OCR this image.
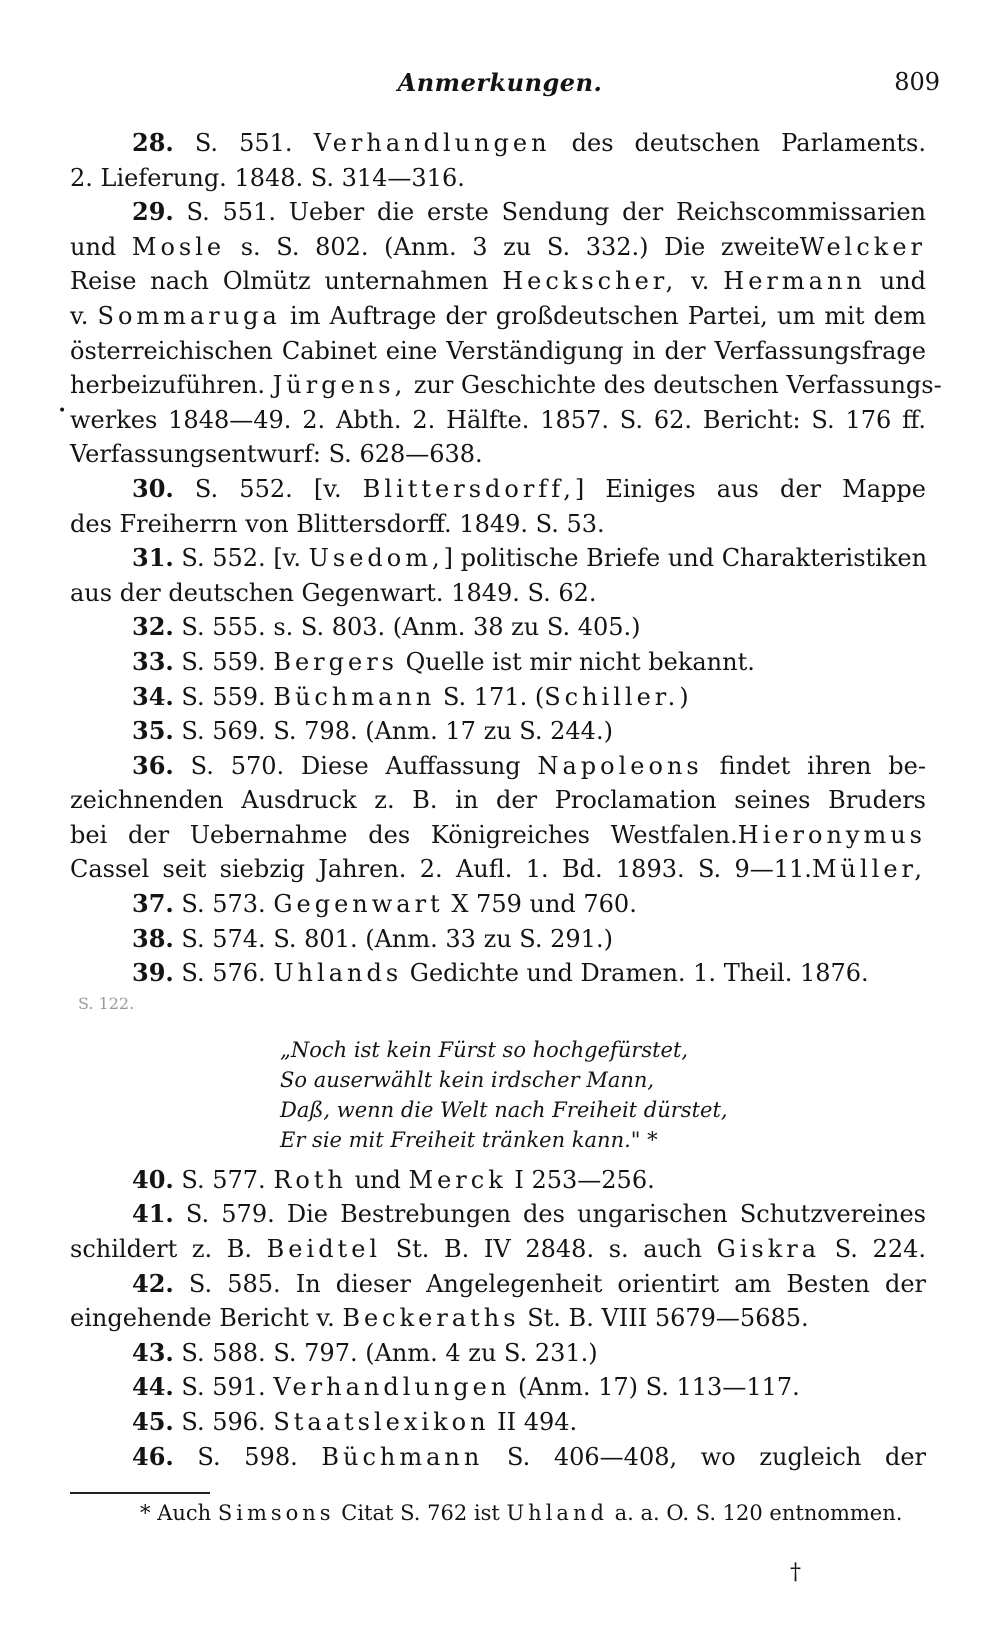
Anmerkungen.	809
•
28. S. 551. Verhandlungen des deutschen Parlaments.
2. Lieferung. 1848. S. 314—316.
29. S. 551. Ueber die erste Sendung der Reichscommissarien
und Mosle s. S. 802. (Anm. 3 zu S. 332.) Die zweiteWelcker
Reise nach Olmütz unternahmen Heckscher, v. Hermann und
v. Sommaruga im Auftrage der großdeutschen Partei, um mit dem
österreichischen Cabinet eine Verständigung in der Verfassungsfrage
herbeizuführen. Jürgens, zur Geschichte des deutschen Verfassungs-
werkes 1848—49. 2. Abth. 2. Hälfte. 1857. S. 62. Bericht: S. 176 ff.
Verfassungsentwurf: S. 628—638.
30. S. 552. [v. Blittersdorff,] Einiges aus der Mappe
des Freiherrn von Blittersdorff. 1849. S. 53.
31. S. 552. [v. Usedom,] politische Briefe und Charakteristiken
aus der deutschen Gegenwart. 1849. S. 62.
32. S. 555. s. S. 803. (Anm. 38 zu S. 405.)
33. S. 559. Bergers Quelle ist mir nicht bekannt.
34. S. 559. Büchmann S. 171. (Schiller.)
35. S. 569. S. 798. (Anm. 17 zu S. 244.)
36. S. 570. Diese Auffassung Napoleons findet ihren be-
zeichnenden Ausdruck z. B. in der Proclamation seines Bruders
bei der Uebernahme des Königreiches Westfalen.Hieronymus
Cassel seit siebzig Jahren. 2. Aufl. 1. Bd. 1893. S. 9—11.Müller,
37. S. 573. Gegenwart X 759 und 760.
38. S. 574. S. 801. (Anm. 33 zu S. 291.)
39. S. 576. Uhlands Gedichte und Dramen. 1. Theil. 1876.
S. 122.
„Noch ist kein Fürst so hochgefürstet,
So auserwählt kein irdscher Mann,
Daß, wenn die Welt nach Freiheit dürstet,
Er sie mit Freiheit tränken kann." *
40. S. 577. Roth und Merck I 253—256.
41. S. 579. Die Bestrebungen des ungarischen Schutzvereines
schildert z. B. Beidtel St. B. IV 2848. s. auch Giskra S. 224.
42. S. 585. In dieser Angelegenheit orientirt am Besten der
eingehende Bericht v. Beckeraths St. B. VIII 5679—5685.
43. S. 588. S. 797. (Anm. 4 zu S. 231.)
44. S. 591. Verhandlungen (Anm. 17) S. 113—117.
45. S. 596. Staatslexikon II 494.
46. S. 598. Büchmann S. 406—408, wo zugleich der
* Auch Simsons Citat S. 762 ist Uhland a. a. O. S. 120 entnommen.
†
